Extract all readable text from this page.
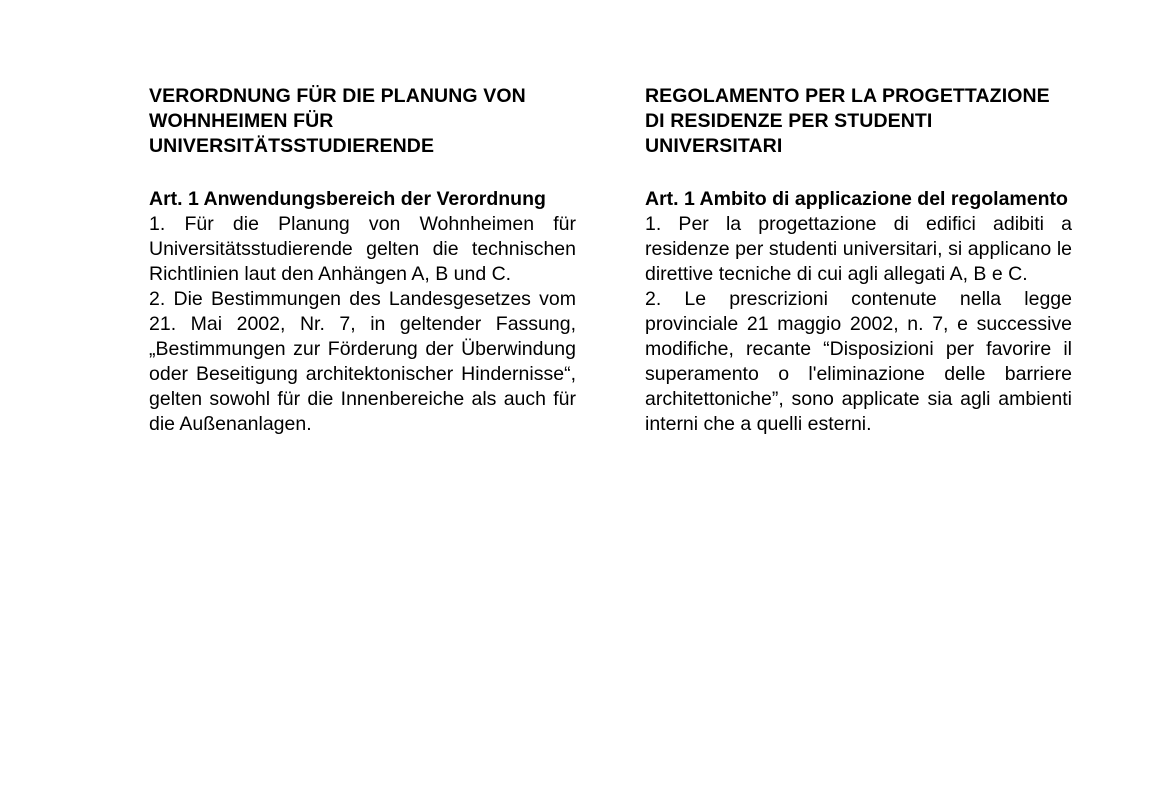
VERORDNUNG FÜR DIE PLANUNG VON WOHNHEIMEN FÜR UNIVERSITÄTSSTUDIERENDE
Art. 1 Anwendungsbereich der Verordnung

1. Für die Planung von Wohnheimen für Universitätsstudierende gelten die technischen Richtlinien laut den Anhängen A, B und C.

2. Die Bestimmungen des Landesgesetzes vom 21. Mai 2002, Nr. 7, in geltender Fassung, „Bestimmungen zur Förderung der Überwindung oder Beseitigung architektonischer Hindernisse“, gelten sowohl für die Innenbereiche als auch für die Außenanlagen.

REGOLAMENTO PER LA PROGETTAZIONE DI RESIDENZE PER STUDENTI UNIVERSITARI
Art. 1 Ambito di applicazione del regolamento

1. Per la progettazione di edifici adibiti a residenze per studenti universitari, si applicano le direttive tecniche di cui agli allegati A, B e C.

2. Le prescrizioni contenute nella legge provinciale 21 maggio 2002, n. 7, e successive modifiche, recante “Disposizioni per favorire il superamento o l'eliminazione delle barriere architettoniche”, sono applicate sia agli ambienti interni che a quelli esterni.
